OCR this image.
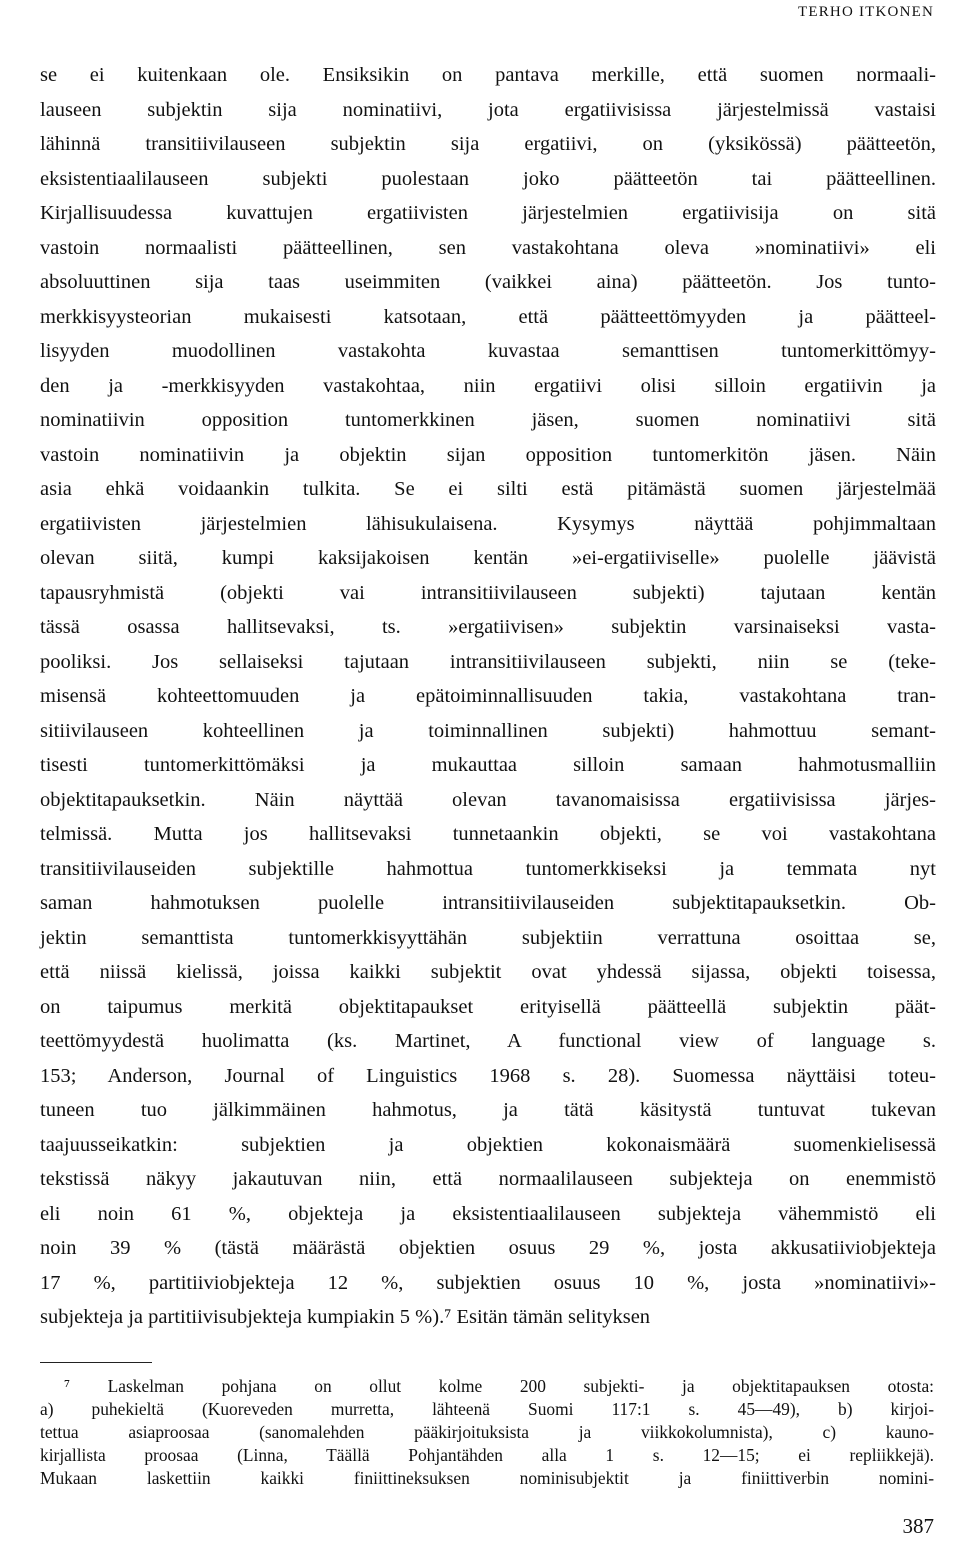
TERHO ITKONEN
se ei kuitenkaan ole. Ensiksikin on pantava merkille, että suomen normaali-
lauseen subjektin sija nominatiivi, jota ergatiivisissa järjestelmissä vastaisi
lähinnä transitiivilauseen subjektin sija ergatiivi, on (yksikössä) päätteetön,
eksistentiaalilauseen subjekti puolestaan joko päätteetön tai päätteellinen.
Kirjallisuudessa kuvattujen ergatiivisten järjestelmien ergatiivisija on sitä
vastoin normaalisti päätteellinen, sen vastakohtana oleva »nominatiivi» eli
absoluuttinen sija taas useimmiten (vaikkei aina) päätteetön. Jos tunto-
merkkisyysteorian mukaisesti katsotaan, että päätteettömyyden ja päätteel-
lisyyden muodollinen vastakohta kuvastaa semanttisen tuntomerkittömyy-
den ja -merkkisyyden vastakohtaa, niin ergatiivi olisi silloin ergatiivin ja
nominatiivin opposition tuntomerkkinen jäsen, suomen nominatiivi sitä
vastoin nominatiivin ja objektin sijan opposition tuntomerkitön jäsen. Näin
asia ehkä voidaankin tulkita. Se ei silti estä pitämästä suomen järjestelmää
ergatiivisten järjestelmien lähisukulaisena. Kysymys näyttää pohjimmaltaan
olevan siitä, kumpi kaksijakoisen kentän »ei-ergatiiviselle» puolelle jäävistä
tapausryhmistä (objekti vai intransitiivilauseen subjekti) tajutaan kentän
tässä osassa hallitsevaksi, ts. »ergatiivisen» subjektin varsinaiseksi vasta-
pooliksi. Jos sellaiseksi tajutaan intransitiivilauseen subjekti, niin se (teke-
misensä kohteettomuuden ja epätoiminnallisuuden takia, vastakohtana tran-
sitiivilauseen kohteellinen ja toiminnallinen subjekti) hahmottuu semant-
tisesti tuntomerkittömäksi ja mukauttaa silloin samaan hahmotusmalliin
objektitapauksetkin. Näin näyttää olevan tavanomaisissa ergatiivisissa järjes-
telmissä. Mutta jos hallitsevaksi tunnetaankin objekti, se voi vastakohtana
transitiivilauseiden subjektille hahmottua tuntomerkkiseksi ja temmata nyt
saman hahmotuksen puolelle intransitiivilauseiden subjektitapauksetkin. Ob-
jektin semanttista tuntomerkkisyyttähän subjektiin verrattuna osoittaa se,
että niissä kielissä, joissa kaikki subjektit ovat yhdessä sijassa, objekti toisessa,
on taipumus merkitä objektitapaukset erityisellä päätteellä subjektin päät-
teettömyydestä huolimatta (ks. Martinet, A functional view of language s.
153; Anderson, Journal of Linguistics 1968 s. 28). Suomessa näyttäisi toteu-
tuneen tuo jälkimmäinen hahmotus, ja tätä käsitystä tuntuvat tukevan
taajuusseikatkin: subjektien ja objektien kokonaismäärä suomenkielisessä
tekstissä näkyy jakautuvan niin, että normaalilauseen subjekteja on enemmistö
eli noin 61 %, objekteja ja eksistentiaalilauseen subjekteja vähemmistö eli
noin 39 % (tästä määrästä objektien osuus 29 %, josta akkusatiiviobjekteja
17 %, partitiiviobjekteja 12 %, subjektien osuus 10 %, josta »nominatiivi»-
subjekteja ja partitiivisubjekteja kumpiakin 5 %).⁷ Esitän tämän selityksen
⁷ Laskelman pohjana on ollut kolme 200 subjekti- ja objektitapauksen otosta:
a) puhekieltä (Kuoreveden murretta, lähteenä Suomi 117:1 s. 45—49), b) kirjoi-
tettua asiaproosaa (sanomalehden pääkirjoituksista ja viikkokolumnista), c) kauno-
kirjallista proosaa (Linna, Täällä Pohjantähden alla 1 s. 12—15; ei repliikkejä).
Mukaan laskettiin kaikki finiittineksuksen nominisubjektit ja finiittiverbin nomini-
387
